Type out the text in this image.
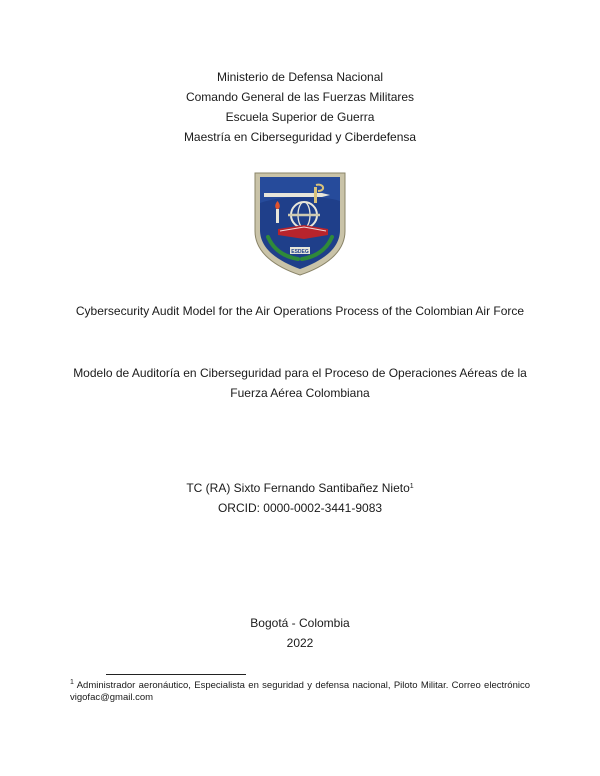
Ministerio de Defensa Nacional
Comando General de las Fuerzas Militares
Escuela Superior de Guerra
Maestría en Ciberseguridad y Ciberdefensa
ESDEG
Cybersecurity Audit Model for the Air Operations Process of the Colombian Air Force
Modelo de Auditoría en Ciberseguridad para el Proceso de Operaciones Aéreas de la
Fuerza Aérea Colombiana
TC (RA) Sixto Fernando Santibañez Nieto$^1$
ORCID: 0000-0002-3441-9083
Bogotá - Colombia
2022
$^1$ Administrador aeronáutico, Especialista en seguridad y defensa nacional, Piloto Militar. Correo electrónico vigofac@gmail.com
